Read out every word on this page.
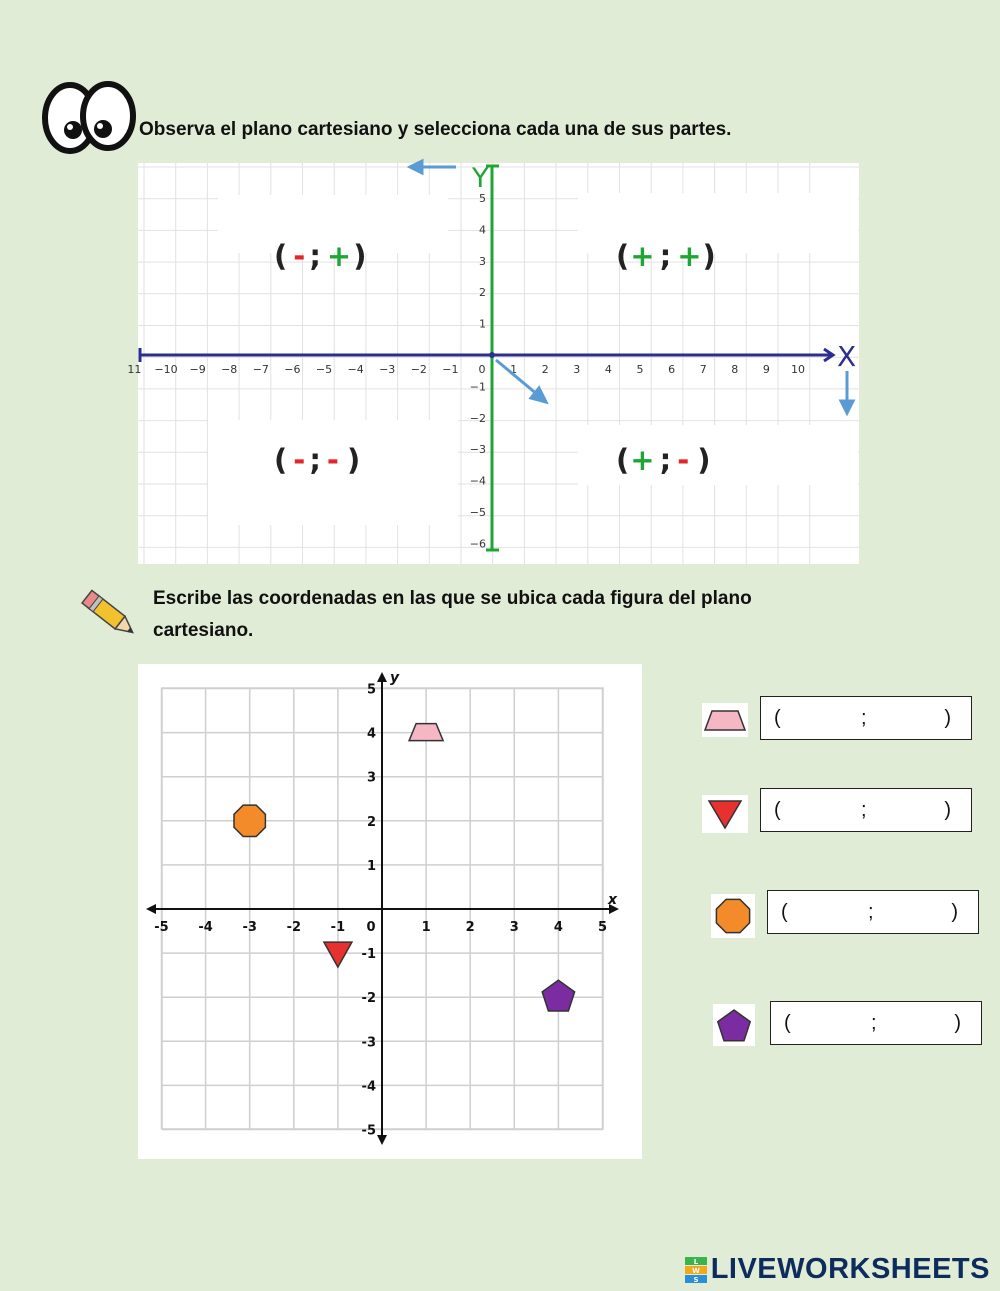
Observa el plano cartesiano y selecciona cada una de sus partes.
Y
X
11 −10 −9 −8 −7 −6 −5 −4 −3 −2 −1 0 1 2 3 4 5 6 7 8 9 10
5
4
3
2
1
−1
−2
−3
−4
−5
−6
( - ; +)	(+ ; +)
( - ; - )	(+ ; - )
Escribe las coordenadas en las que se ubica cada figura del plano
cartesiano.
x
y
-5 -4 -3 -2 -1 0	1	2	3	4	5
5
4
3
2
1
-1
-2
-3
-4
-5
(	;	)
(	;	)
(	;	)
(	;	)
L
W
S LIVEWORKSHEETS
